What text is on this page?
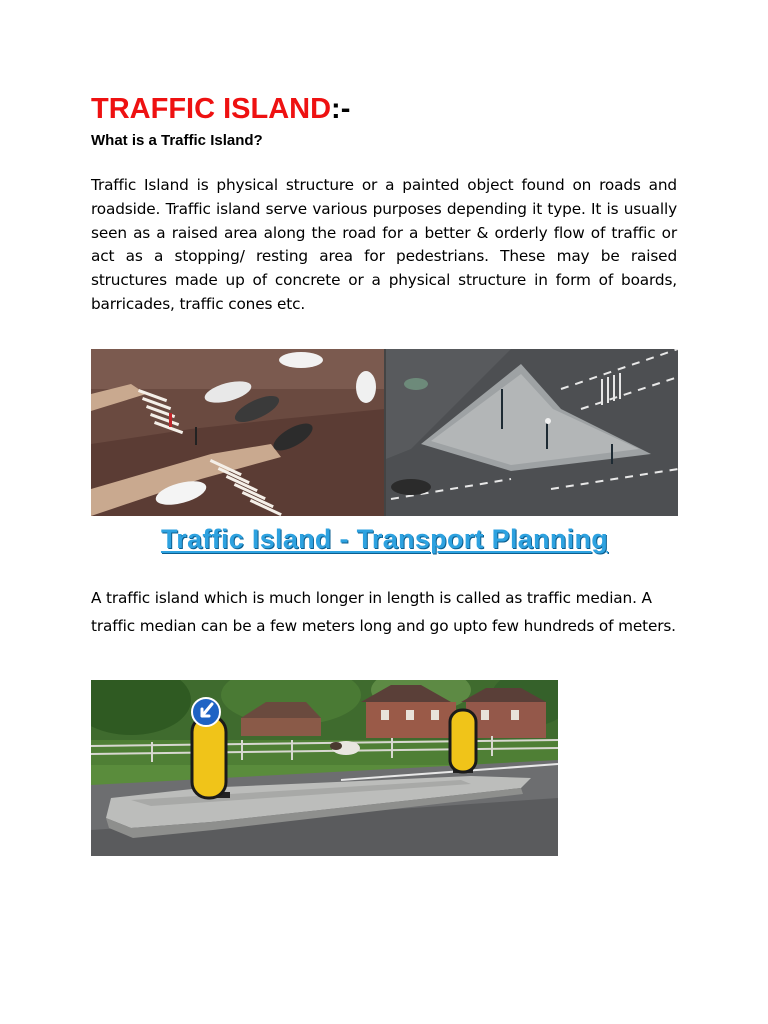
TRAFFIC ISLAND:-
What is a Traffic Island?
Traffic Island is physical structure or a painted object found on roads and roadside. Traffic island serve various purposes depending it type. It is usually seen as a raised area along the road for a better & orderly flow of traffic or act as a stopping/ resting area for pedestrians. These may be raised structures made up of concrete or a physical structure in form of boards, barricades, traffic cones etc.
Traffic Island - Transport Planning
A traffic island which is much longer in length is called as traffic median. A traffic median can be a few meters long and go upto few hundreds of meters.
